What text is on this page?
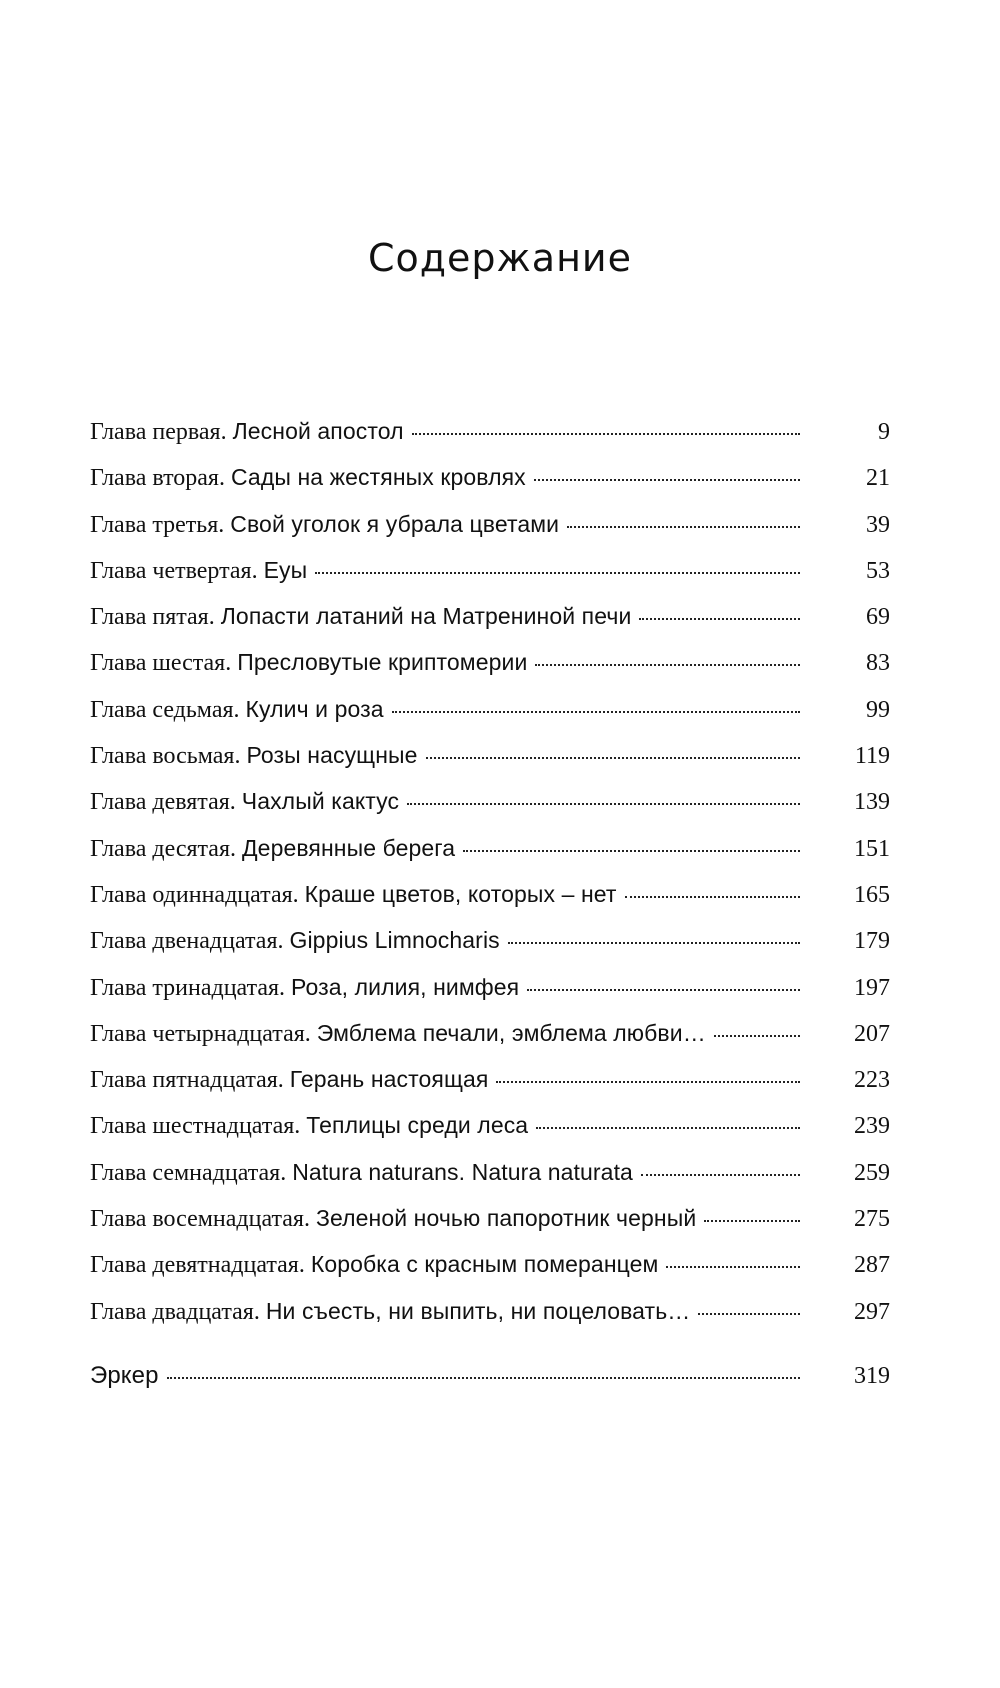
Содержание
Глава первая. Лесной апостол	9
Глава вторая. Сады на жестяных кровлях	21
Глава третья. Свой уголок я убрала цветами	39
Глава четвертая. Еуы	53
Глава пятая. Лопасти латаний на Матрениной печи	69
Глава шестая. Пресловутые криптомерии	83
Глава седьмая. Кулич и роза	99
Глава восьмая. Розы насущные	119
Глава девятая. Чахлый кактус	139
Глава десятая. Деревянные берега	151
Глава одиннадцатая. Краше цветов, которых – нет	165
Глава двенадцатая. Gippius Limnocharis	179
Глава тринадцатая. Роза, лилия, нимфея	197
Глава четырнадцатая. Эмблема печали, эмблема любви…	207
Глава пятнадцатая. Герань настоящая	223
Глава шестнадцатая. Теплицы среди леса	239
Глава семнадцатая. Natura naturans. Natura naturata	259
Глава восемнадцатая. Зеленой ночью папоротник черный	275
Глава девятнадцатая. Коробка с красным померанцем	287
Глава двадцатая. Ни съесть, ни выпить, ни поцеловать…	297
Эркер	319
